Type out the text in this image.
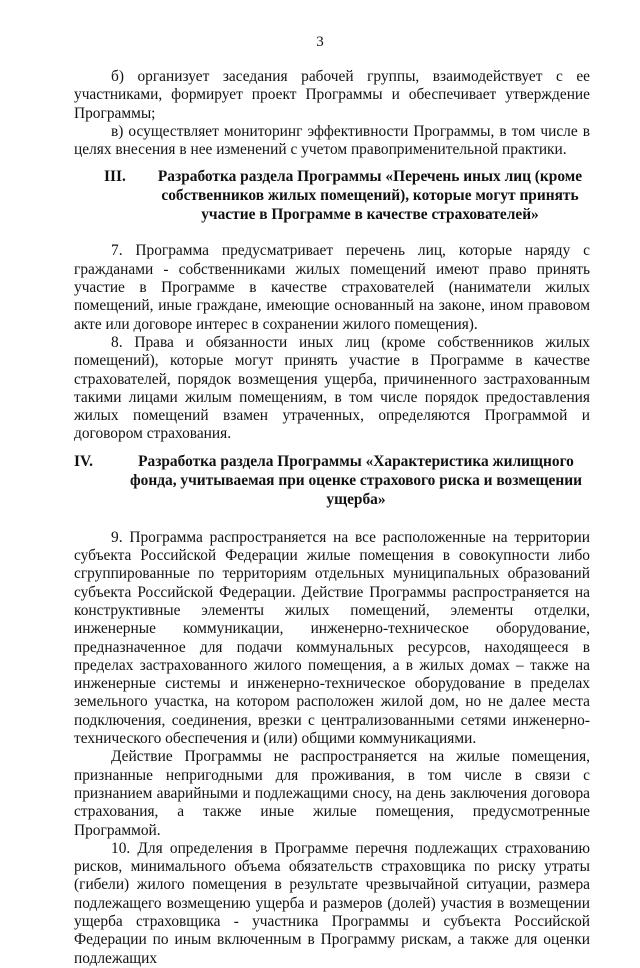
3

б) организует заседания рабочей группы, взаимодействует с ее участниками, формирует проект Программы и обеспечивает утверждение Программы;

в) осуществляет мониторинг эффективности Программы, в том числе в целях внесения в нее изменений с учетом правоприменительной практики.

III.	Разработка раздела Программы «Перечень иных лиц (кроме собственников жилых помещений), которые могут принять участие в Программе в качестве страхователей»

7. Программа предусматривает перечень лиц, которые наряду с гражданами - собственниками жилых помещений имеют право принять участие в Программе в качестве страхователей (наниматели жилых помещений, иные граждане, имеющие основанный на законе, ином правовом акте или договоре интерес в сохранении жилого помещения).

8. Права и обязанности иных лиц (кроме собственников жилых помещений), которые могут принять участие в Программе в качестве страхователей, порядок возмещения ущерба, причиненного застрахованным такими лицами жилым помещениям, в том числе порядок предоставления жилых помещений взамен утраченных, определяются Программой и договором страхования.

IV.	Разработка раздела Программы «Характеристика жилищного фонда, учитываемая при оценке страхового риска и возмещении ущерба»

9. Программа распространяется на все расположенные на территории субъекта Российской Федерации жилые помещения в совокупности либо сгруппированные по территориям отдельных муниципальных образований субъекта Российской Федерации. Действие Программы распространяется на конструктивные элементы жилых помещений, элементы отделки, инженерные коммуникации, инженерно-техническое оборудование, предназначенное для подачи коммунальных ресурсов, находящееся в пределах застрахованного жилого помещения, а в жилых домах – также на инженерные системы и инженерно-техническое оборудование в пределах земельного участка, на котором расположен жилой дом, но не далее места подключения, соединения, врезки с централизованными сетями инженерно-технического обеспечения и (или) общими коммуникациями.

Действие Программы не распространяется на жилые помещения, признанные непригодными для проживания, в том числе в связи с признанием аварийными и подлежащими сносу, на день заключения договора страхования, а также иные жилые помещения, предусмотренные Программой.

10. Для определения в Программе перечня подлежащих страхованию рисков, минимального объема обязательств страховщика по риску утраты (гибели) жилого помещения в результате чрезвычайной ситуации, размера подлежащего возмещению ущерба и размеров (долей) участия в возмещении ущерба страховщика - участника Программы и субъекта Российской Федерации по иным включенным в Программу рискам, а также для оценки подлежащих
